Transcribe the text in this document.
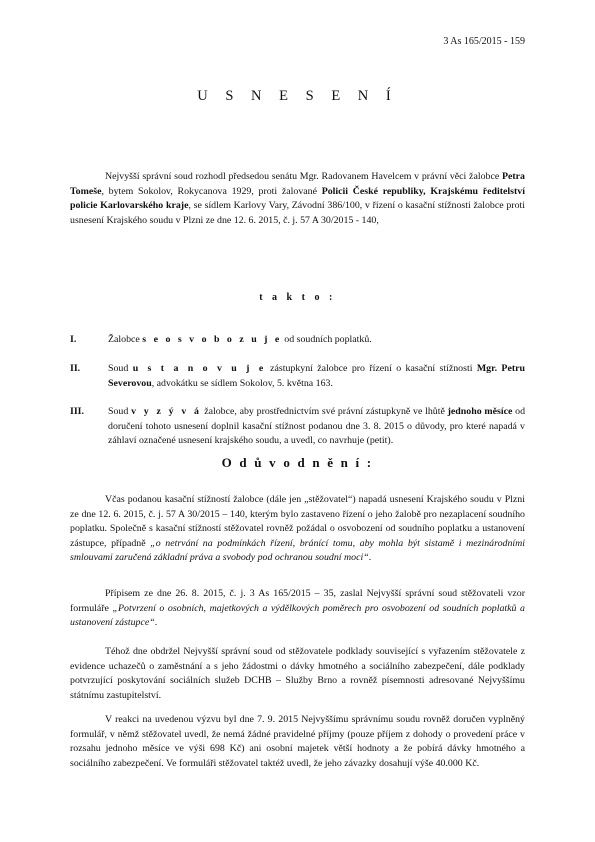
3 As 165/2015 - 159
U S N E S E N Í

Nejvyšší správní soud rozhodl předsedou senátu Mgr. Radovanem Havelcem v právní věci žalobce Petra Tomeše, bytem Sokolov, Rokycanova 1929, proti žalované Policii České republiky, Krajskému ředitelství policie Karlovarského kraje, se sídlem Karlovy Vary, Závodní 386/100, v řízení o kasační stížnosti žalobce proti usnesení Krajského soudu v Plzni ze dne 12. 6. 2015, č. j. 57 A 30/2015 - 140,

t a k t o :
I.	Žalobce s e o s v o b o z u j e od soudních poplatků.

II.	Soud u s t a n o v u j e zástupkyní žalobce pro řízení o kasační stížnosti Mgr. Petru Severovou, advokátku se sídlem Sokolov, 5. května 163.

III. Soud v y z ý v á žalobce, aby prostřednictvím své právní zástupkyně ve lhůtě jednoho měsíce od doručení tohoto usnesení doplnil kasační stížnost podanou dne 3. 8. 2015 o důvody, pro které napadá v záhlaví označené usnesení krajského soudu, a uvedl, co navrhuje (petit).

O d ů v o d n ě n í :

Včas podanou kasační stížností žalobce (dále jen „stěžovatel“) napadá usnesení Krajského soudu v Plzni ze dne 12. 6. 2015, č. j. 57 A 30/2015 – 140, kterým bylo zastaveno řízení o jeho žalobě pro nezaplacení soudního poplatku. Společně s kasační stížností stěžovatel rovněž požádal o osvobození od soudního poplatku a ustanovení zástupce, případně „o netrvání na podmínkách řízení, bránící tomu, aby mohla být sistamě i mezinárodními smlouvami zaručená základní práva a svobody pod ochranou soudní moci“.

Přípisem ze dne 26. 8. 2015, č. j. 3 As 165/2015 – 35, zaslal Nejvyšší správní soud stěžovateli vzor formuláře „Potvrzení o osobních, majetkových a výdělkových poměrech pro osvobození od soudních poplatků a ustanovení zástupce“.

Téhož dne obdržel Nejvyšší správní soud od stěžovatele podklady související s vyřazením stěžovatele z evidence uchazečů o zaměstnání a s jeho žádostmi o dávky hmotného a sociálního zabezpečení, dále podklady potvrzující poskytování sociálních služeb DCHB – Služby Brno a rovněž písemnosti adresované Nejvyššímu státnímu zastupitelství.

V reakci na uvedenou výzvu byl dne 7. 9. 2015 Nejvyššímu správnímu soudu rovněž doručen vyplněný formulář, v němž stěžovatel uvedl, že nemá žádné pravidelné příjmy (pouze příjem z dohody o provedení práce v rozsahu jednoho měsíce ve výši 698 Kč) ani osobní majetek větší hodnoty a že pobírá dávky hmotného a sociálního zabezpečení. Ve formuláři stěžovatel taktéž uvedl, že jeho závazky dosahují výše 40.000 Kč.
